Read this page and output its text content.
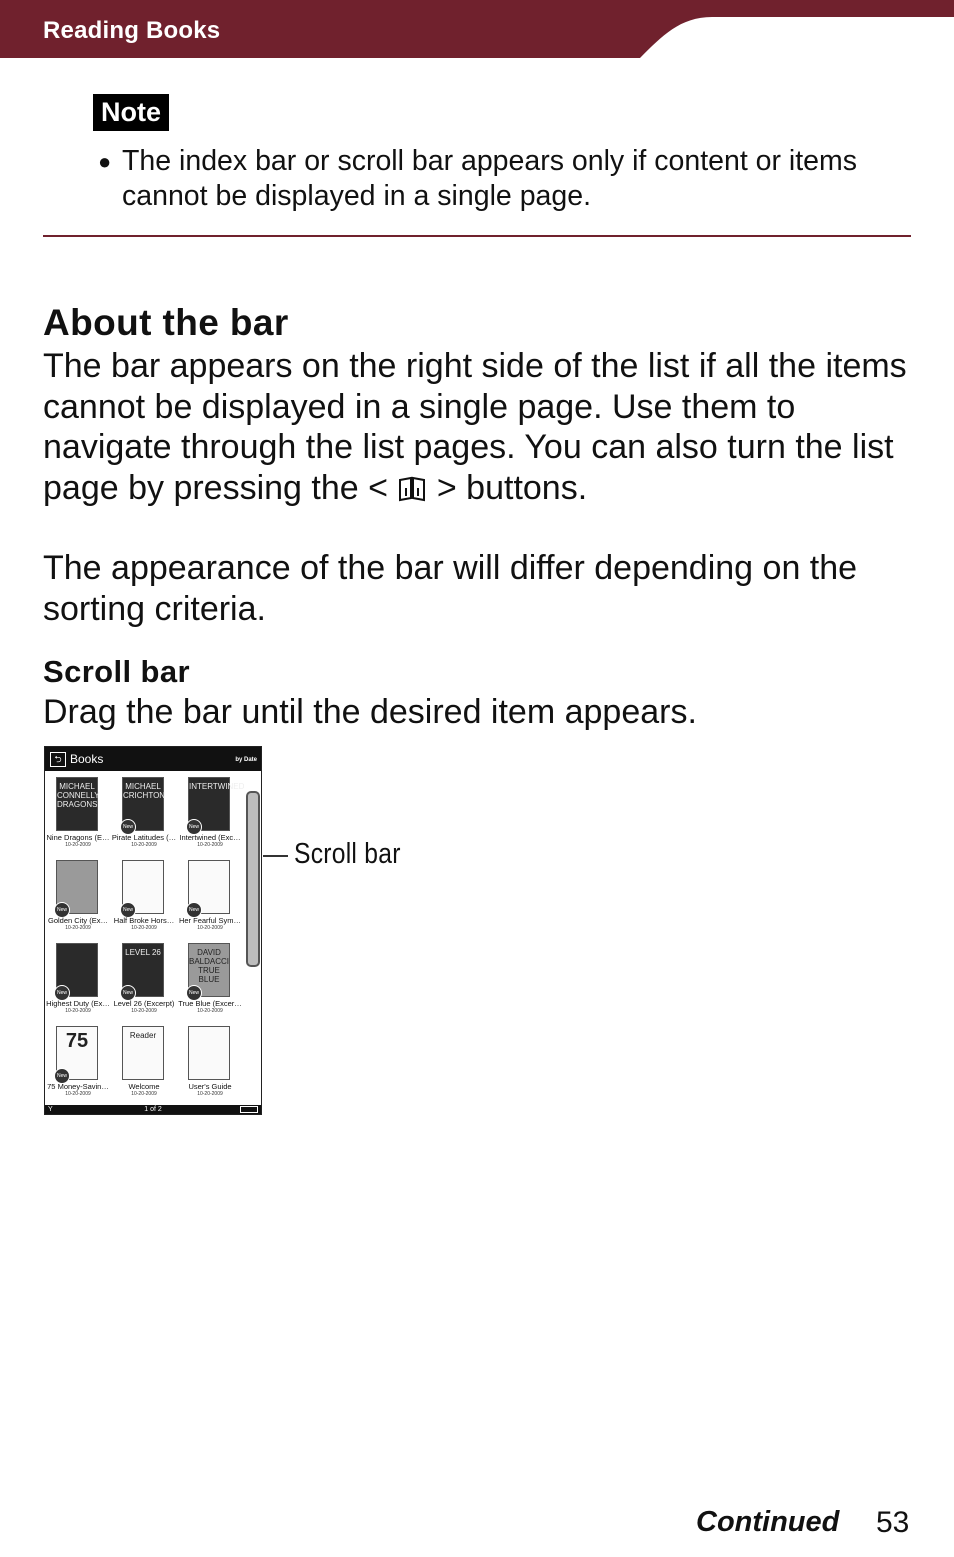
Reading Books
Note
● The index bar or scroll bar appears only if content or items cannot be displayed in a single page.
About the bar
The bar appears on the right side of the list if all the items cannot be displayed in a single page. Use them to navigate through the list pages. You can also turn the list page by pressing the < > buttons.
The appearance of the bar will differ depending on the sorting criteria.
Scroll bar
Drag the bar until the desired item appears.
⮌ Books	by Date
MICHAEL
CONNELLY
DRAGONS
Nine Dragons (E…
10-20-2009
MICHAEL
CRICHTON
New
Pirate Latitudes (…
10-20-2009
INTERTWINED
New
Intertwined (Exc…
10-20-2009
New
Golden City (Ex…
10-20-2009
New
Half Broke Hors…
10-20-2009
New
Her Fearful Sym…
10-20-2009
New
Highest Duty (Ex…
10-20-2009
LEVEL 26
New
Level 26 (Excerpt)
10-20-2009
DAVID
BALDACCI
TRUE
BLUE
New
True Blue (Excer…
10-20-2009
75
New
75 Money-Savin…
10-20-2009
Reader
Welcome
10-20-2009
User's Guide
10-20-2009
Y	1 of 2
Scroll bar
Continued 53
